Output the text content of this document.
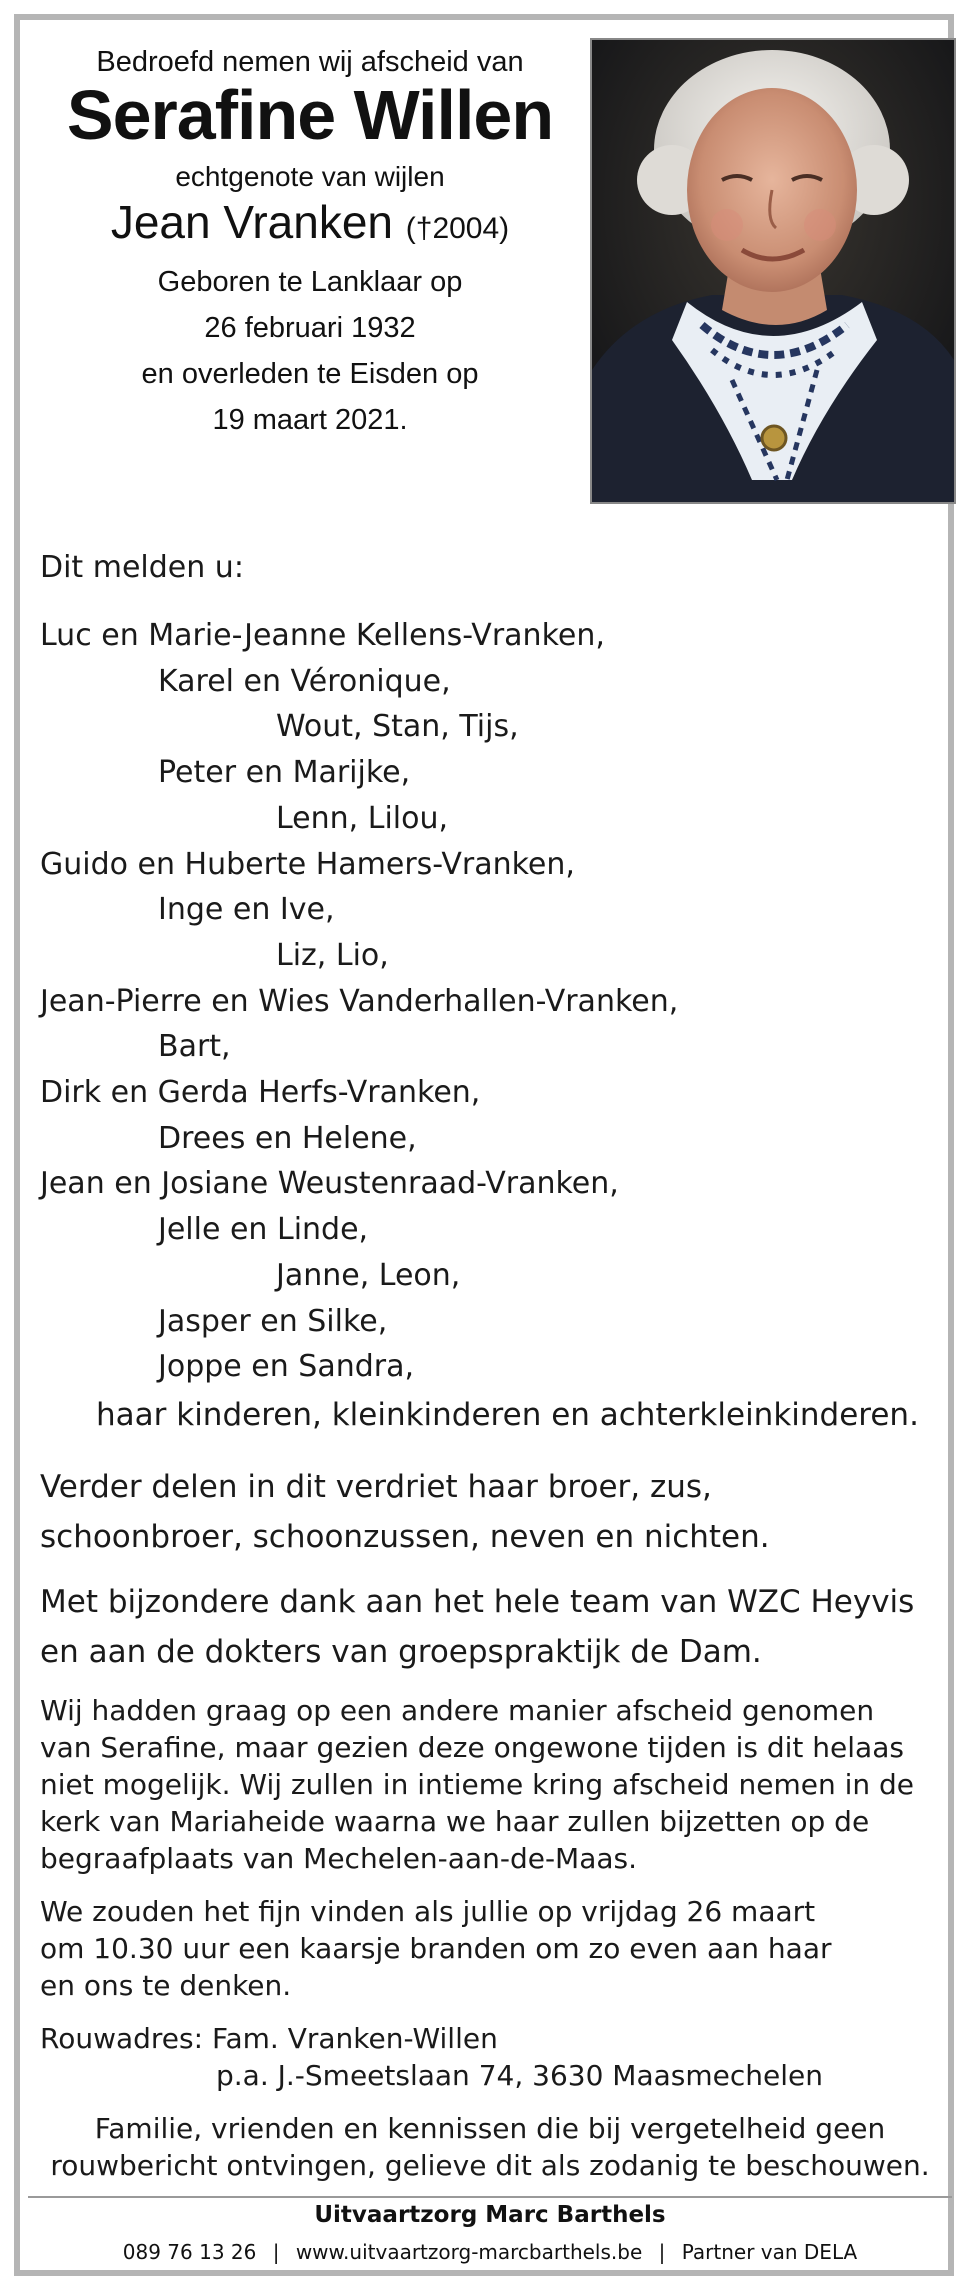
Bedroefd nemen wij afscheid van
Serafine Willen
echtgenote van wijlen
Jean Vranken (†2004)
Geboren te Lanklaar op
26 februari 1932
en overleden te Eisden op
19 maart 2021.
Dit melden u:
Luc en Marie-Jeanne Kellens-Vranken,
Karel en Véronique,
Wout, Stan, Tijs,
Peter en Marijke,
Lenn, Lilou,
Guido en Huberte Hamers-Vranken,
Inge en Ive,
Liz, Lio,
Jean-Pierre en Wies Vanderhallen-Vranken,
Bart,
Dirk en Gerda Herfs-Vranken,
Drees en Helene,
Jean en Josiane Weustenraad-Vranken,
Jelle en Linde,
Janne, Leon,
Jasper en Silke,
Joppe en Sandra,
haar kinderen, kleinkinderen en achterkleinkinderen.
Verder delen in dit verdriet haar broer, zus,
schoonbroer, schoonzussen, neven en nichten.
Met bijzondere dank aan het hele team van WZC Heyvis
en aan de dokters van groepspraktijk de Dam.
Wij hadden graag op een andere manier afscheid genomen
van Serafine, maar gezien deze ongewone tijden is dit helaas
niet mogelijk. Wij zullen in intieme kring afscheid nemen in de
kerk van Mariaheide waarna we haar zullen bijzetten op de
begraafplaats van Mechelen-aan-de-Maas.
We zouden het fijn vinden als jullie op vrijdag 26 maart
om 10.30 uur een kaarsje branden om zo even aan haar
en ons te denken.
Rouwadres: Fam. Vranken-Willen
p.a. J.-Smeetslaan 74, 3630 Maasmechelen
Familie, vrienden en kennissen die bij vergetelheid geen
rouwbericht ontvingen, gelieve dit als zodanig te beschouwen.
Uitvaartzorg Marc Barthels
089 76 13 26 | www.uitvaartzorg-marcbarthels.be | Partner van DELA
